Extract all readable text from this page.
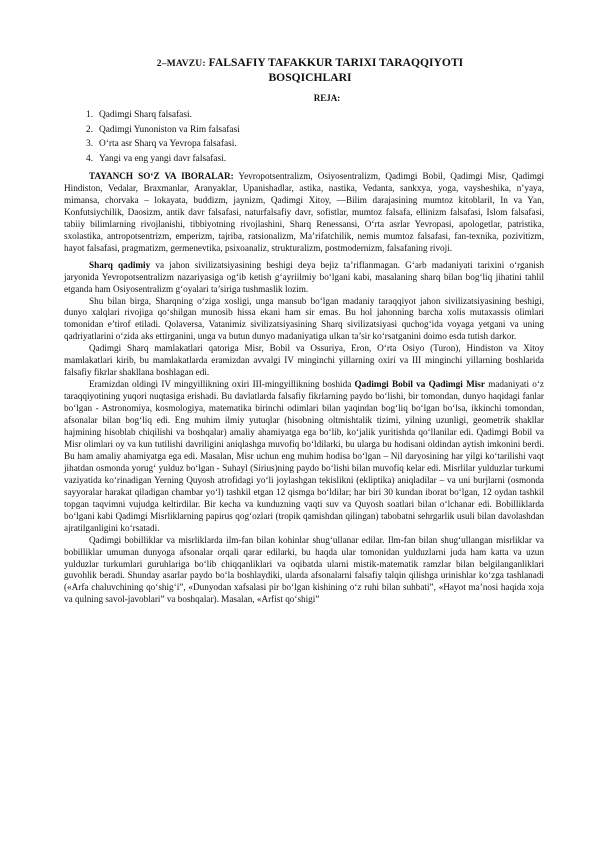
2–MAVZU: FALSAFIY TAFAKKUR TARIXI TARAQQIYOTI
BOSQICHLARI
REJA:
1. Qadimgi Sharq falsafasi.
2. Qadimgi Yunoniston va Rim falsafasi
3. O‘rta asr Sharq va Yevropa falsafasi.
4. Yangi va eng yangi davr falsafasi.

TAYANCH SO‘Z VA IBORALAR: Yevropotsentralizm, Osiyosentralizm, Qadimgi Bobil, Qadimgi Misr, Qadimgi Hindiston, Vedalar, Braxmanlar, Aranyaklar, Upanishadlar, astika, nastika, Vedanta, sankxya, yoga, vaysheshika, n’yaya, mimansa, chorvaka – lokayata, buddizm, jaynizm, Qadimgi Xitoy, ―Bilim darajasining mumtoz kitoblari‖, In va Yan, Konfutsiychilik, Daosizm, antik davr falsafasi, naturfalsafiy davr, sofistlar, mumtoz falsafa, ellinizm falsafasi, Islom falsafasi, tabiiy bilimlarning rivojlanishi, tibbiyotning rivojlashini, Sharq Renessansi, O‘rta asrlar Yevropasi, apologetlar, patristika, sxolastika, antropotsentrizm, emperizm, tajriba, ratsionalizm, Ma’rifatchilik, nemis mumtoz falsafasi, fan-texnika, pozivitizm, hayot falsafasi, pragmatizm, germenevtika, psixoanaliz, strukturalizm, postmodernizm, falsafaning rivoji.

Sharq qadimiy va jahon sivilizatsiyasining beshigi deya bejiz ta’riflanmagan. G‘arb madaniyati tarixini o‘rganish jaryonida Yevropotsentralizm nazariyasiga og‘ib ketish g‘ayriilmiy bo‘lgani kabi, masalaning sharq bilan bog‘liq jihatini tahlil etganda ham Osiyosentralizm g‘oyalari ta’siriga tushmaslik lozim.

Shu bilan birga, Sharqning o‘ziga xosligi, unga mansub bo‘lgan madaniy taraqqiyot jahon sivilizatsiyasining beshigi, dunyo xalqlari rivojiga qo‘shilgan munosib hissa ekani ham sir emas. Bu hol jahonning barcha xolis mutaxassis olimlari tomonidan e’tirof etiladi. Qolaversa, Vatanimiz sivilizatsiyasining Sharq sivilizatsiyasi quchog‘ida voyaga yetgani va uning qadriyatlarini o‘zida aks ettirganini, unga va butun dunyo madaniyatiga ulkan ta’sir ko‘rsatganini doimo esda tutish darkor.

Qadimgi Sharq mamlakatlari qatoriga Misr, Bobil va Ossuriya, Eron, O‘rta Osiyo (Turon), Hindiston va Xitoy mamlakatlari kirib, bu mamlakatlarda eramizdan avvalgi IV minginchi yillarning oxiri va III minginchi yillarning boshlarida falsafiy fikrlar shakllana boshlagan edi.

Eramizdan oldingi IV mingyillikning oxiri III-mingyillikning boshida Qadimgi Bobil va Qadimgi Misr madaniyati o‘z taraqqiyotining yuqori nuqtasiga erishadi. Bu davlatlarda falsafiy fikrlarning paydo bo‘lishi, bir tomondan, dunyo haqidagi fanlar bo‘lgan - Astronomiya, kosmologiya, matematika birinchi odimlari bilan yaqindan bog‘liq bo‘lgan bo‘lsa, ikkinchi tomondan, afsonalar bilan bog‘liq edi. Eng muhim ilmiy yutuqlar (hisobning oltmishtalik tizimi, yilning uzunligi, geometrik shakllar hajmining hisoblab chiqilishi va boshqalar) amaliy ahamiyatga ega bo‘lib, ko‘jalik yuritishda qo‘llanilar edi. Qadimgi Bobil va Misr olimlari oy va kun tutilishi davriligini aniqlashga muvofiq bo‘ldilarki, bu ularga bu hodisani oldindan aytish imkonini berdi. Bu ham amaliy ahamiyatga ega edi. Masalan, Misr uchun eng muhim hodisa bo‘lgan – Nil daryosining har yilgi ko‘tarilishi vaqt jihatdan osmonda yorug‘ yulduz bo‘lgan - Suhayl (Sirius)ning paydo bo‘lishi bilan muvofiq kelar edi. Misrlilar yulduzlar turkumi vaziyatida ko‘rinadigan Yerning Quyosh atrofidagi yo‘li joylashgan tekislikni (ekliptika) aniqladilar – va uni burjlarni (osmonda sayyoralar harakat qiladigan chambar yo‘l) tashkil etgan 12 qismga bo‘ldilar; har biri 30 kundan iborat bo‘lgan, 12 oydan tashkil topgan taqvimni vujudga keltirdilar. Bir kecha va kunduzning vaqti suv va Quyosh soatlari bilan o‘lchanar edi. Bobilliklarda bo‘lgani kabi Qadimgi Misrliklarning papirus qog‘ozlari (tropik qamishdan qilingan) tabobatni sehrgarlik usuli bilan davolashdan ajratilganligini ko‘rsatadi.

Qadimgi bobilliklar va misrliklarda ilm-fan bilan kohinlar shug‘ullanar edilar. Ilm-fan bilan shug‘ullangan misrliklar va bobilliklar umuman dunyoga afsonalar orqali qarar edilarki, bu haqda ular tomonidan yulduzlarni juda ham katta va uzun yulduzlar turkumlari guruhlariga bo‘lib chiqqanliklari va oqibatda ularni mistik-matematik ramzlar bilan belgilanganliklari guvohlik beradi. Shunday asarlar paydo bo‘la boshlaydiki, ularda afsonalarni falsafiy talqin qilishga urinishlar ko‘zga tashlanadi («Arfa chaluvchining qo‘shig‘i”, «Dunyodan xafsalasi pir bo‘lgan kishining o‘z ruhi bilan suhbati”, «Hayot ma’nosi haqida xoja va qulning savol-javoblari” va boshqalar). Masalan, «Arfist qo‘shigi”
